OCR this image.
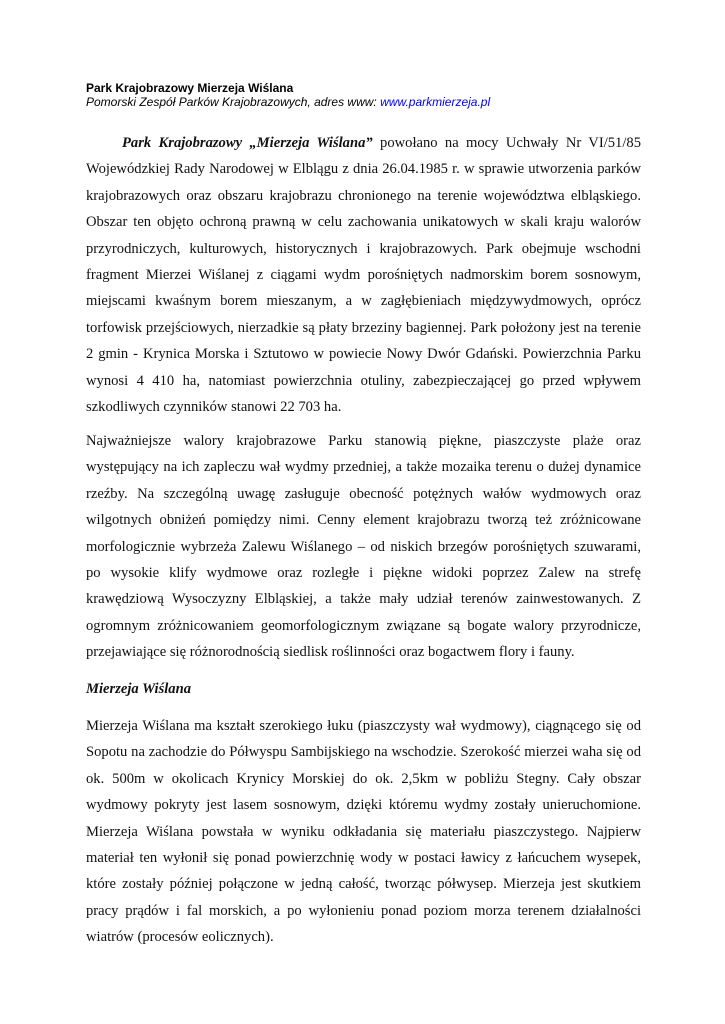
Park Krajobrazowy Mierzeja Wiślana
Pomorski Zespół Parków Krajobrazowych, adres www: www.parkmierzeja.pl

Park Krajobrazowy „Mierzeja Wiślana” powołano na mocy Uchwały Nr VI/51/85 Wojewódzkiej Rady Narodowej w Elblągu z dnia 26.04.1985 r. w sprawie utworzenia parków krajobrazowych oraz obszaru krajobrazu chronionego na terenie województwa elbląskiego. Obszar ten objęto ochroną prawną w celu zachowania unikatowych w skali kraju walorów przyrodniczych, kulturowych, historycznych i krajobrazowych. Park obejmuje wschodni fragment Mierzei Wiślanej z ciągami wydm porośniętych nadmorskim borem sosnowym, miejscami kwaśnym borem mieszanym, a w zagłębieniach międzywydmowych, oprócz torfowisk przejściowych, nierzadkie są płaty brzeziny bagiennej. Park położony jest na terenie 2 gmin - Krynica Morska i Sztutowo w powiecie Nowy Dwór Gdański. Powierzchnia Parku wynosi 4 410 ha, natomiast powierzchnia otuliny, zabezpieczającej go przed wpływem szkodliwych czynników stanowi 22 703 ha.

Najważniejsze walory krajobrazowe Parku stanowią piękne, piaszczyste plaże oraz występujący na ich zapleczu wał wydmy przedniej, a także mozaika terenu o dużej dynamice rzeźby. Na szczególną uwagę zasługuje obecność potężnych wałów wydmowych oraz wilgotnych obniżeń pomiędzy nimi. Cenny element krajobrazu tworzą też zróżnicowane morfologicznie wybrzeża Zalewu Wiślanego – od niskich brzegów porośniętych szuwarami, po wysokie klify wydmowe oraz rozległe i piękne widoki poprzez Zalew na strefę krawędziową Wysoczyzny Elbląskiej, a także mały udział terenów zainwestowanych. Z ogromnym zróżnicowaniem geomorfologicznym związane są bogate walory przyrodnicze, przejawiające się różnorodnością siedlisk roślinności oraz bogactwem flory i fauny.

Mierzeja Wiślana

Mierzeja Wiślana ma kształt szerokiego łuku (piaszczysty wał wydmowy), ciągnącego się od Sopotu na zachodzie do Półwyspu Sambijskiego na wschodzie. Szerokość mierzei waha się od ok. 500m w okolicach Krynicy Morskiej do ok. 2,5km w pobliżu Stegny. Cały obszar wydmowy pokryty jest lasem sosnowym, dzięki któremu wydmy zostały unieruchomione. Mierzeja Wiślana powstała w wyniku odkładania się materiału piaszczystego. Najpierw materiał ten wyłonił się ponad powierzchnię wody w postaci ławicy z łańcuchem wysepek, które zostały później połączone w jedną całość, tworząc półwysep. Mierzeja jest skutkiem pracy prądów i fal morskich, a po wyłonieniu ponad poziom morza terenem działalności wiatrów (procesów eolicznych).
